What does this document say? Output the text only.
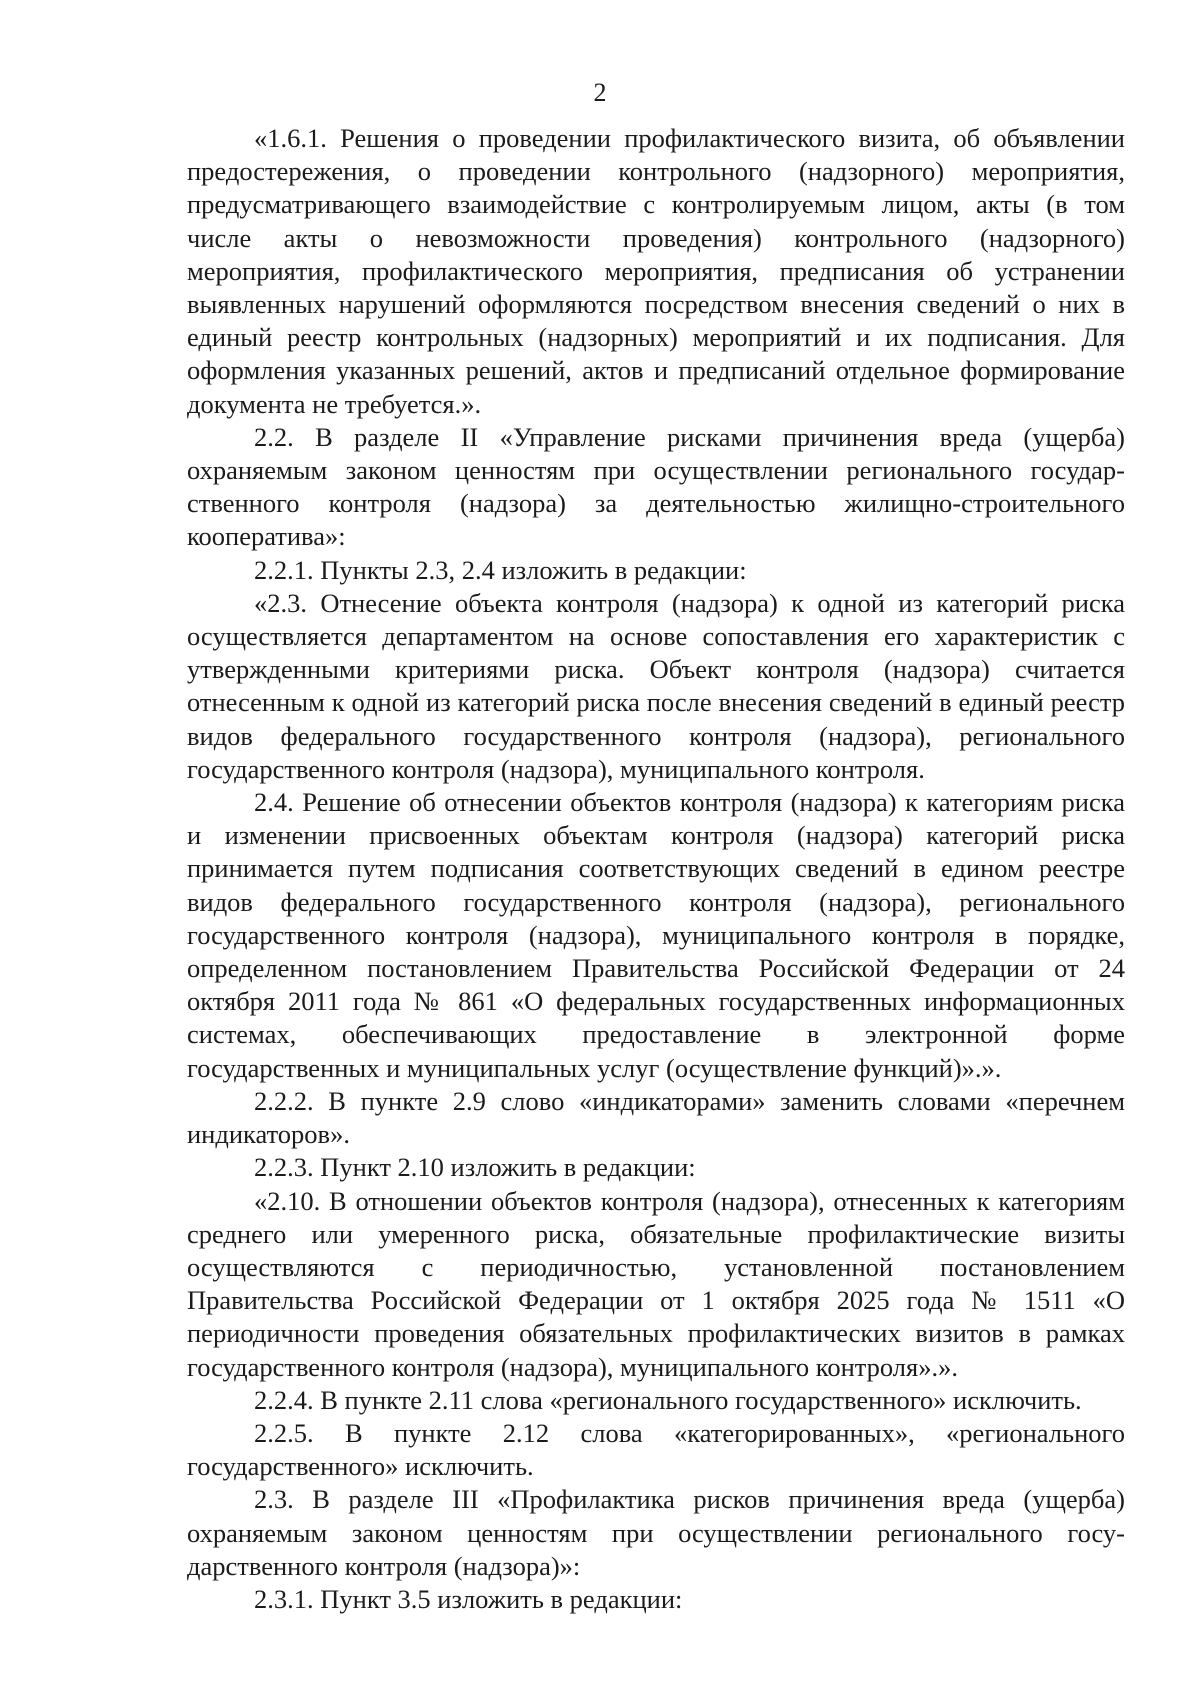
2

«1.6.1. Решения о проведении профилактического визита, об объявлении предостережения, о проведении контрольного (надзорного) мероприятия, предусматривающего взаимодействие с контролируемым лицом, акты (в том числе акты о невозможности проведения) контрольного (надзорного) мероприятия, профилактического мероприятия, предписания об устранении выявленных нарушений оформляются посредством внесения сведений о них в единый реестр контрольных (надзорных) мероприятий и их подписания. Для оформления указанных решений, актов и предписаний отдельное формирование документа не требуется.».

2.2. В разделе II «Управление рисками причинения вреда (ущерба) охраняемым законом ценностям при осуществлении регионального государственного контроля (надзора) за деятельностью жилищно-строительного кооператива»:

2.2.1. Пункты 2.3, 2.4 изложить в редакции:

«2.3. Отнесение объекта контроля (надзора) к одной из категорий риска осуществляется департаментом на основе сопоставления его характеристик с утвержденными критериями риска. Объект контроля (надзора) считается отнесенным к одной из категорий риска после внесения сведений в единый реестр видов федерального государственного контроля (надзора), регионального государственного контроля (надзора), муниципального контроля.

2.4. Решение об отнесении объектов контроля (надзора) к категориям риска и изменении присвоенных объектам контроля (надзора) категорий риска принимается путем подписания соответствующих сведений в едином реестре видов федерального государственного контроля (надзора), регионального государственного контроля (надзора), муниципального контроля в порядке, определенном постановлением Правительства Российской Федерации от 24 октября 2011 года № 861 «О федеральных государственных информационных системах, обеспечивающих предоставление в электронной форме государственных и муниципальных услуг (осуществление функций)».».

2.2.2. В пункте 2.9 слово «индикаторами» заменить словами «перечнем индикаторов».

2.2.3. Пункт 2.10 изложить в редакции:

«2.10. В отношении объектов контроля (надзора), отнесенных к категориям среднего или умеренного риска, обязательные профилактические визиты осуществляются с периодичностью, установленной постановлением Правительства Российской Федерации от 1 октября 2025 года № 1511 «О периодичности проведения обязательных профилактических визитов в рамках государственного контроля (надзора), муниципального контроля».».

2.2.4. В пункте 2.11 слова «регионального государственного» исключить.

2.2.5. В пункте 2.12 слова «категорированных», «регионального государственного» исключить.

2.3. В разделе III «Профилактика рисков причинения вреда (ущерба) охраняемым законом ценностям при осуществлении регионального государственного контроля (надзора)»:

2.3.1. Пункт 3.5 изложить в редакции:
